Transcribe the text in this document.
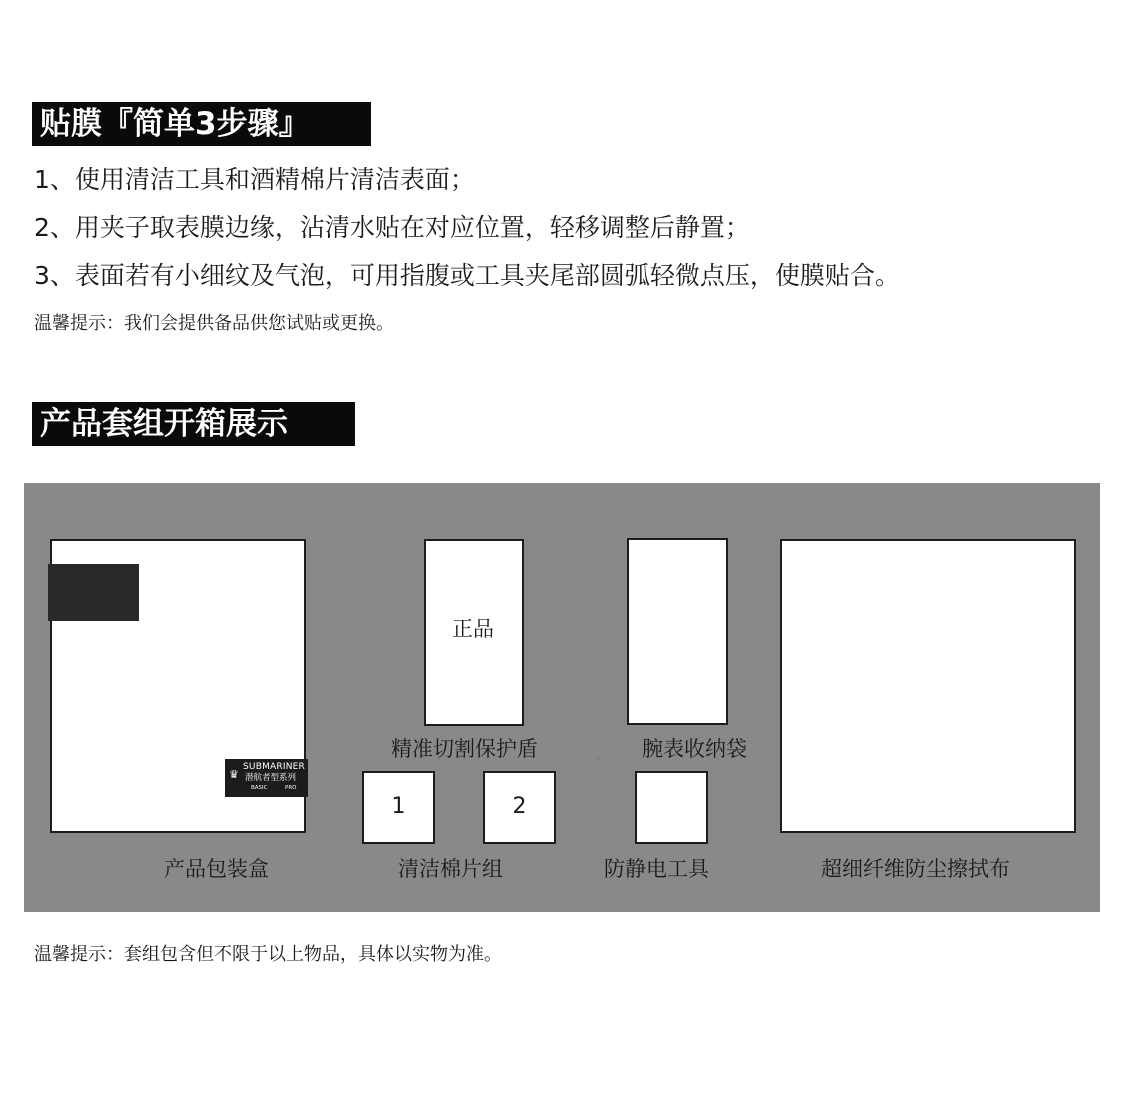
贴膜『简单3步骤』
1、使用清洁工具和酒精棉片清洁表面；
2、用夹子取表膜边缘，沾清水贴在对应位置，轻移调整后静置；
3、表面若有小细纹及气泡，可用指腹或工具夹尾部圆弧轻微点压，使膜贴合。
温馨提示：我们会提供备品供您试贴或更换。
产品套组开箱展示
♛
SUBMARINER
潜航者型系列
BASIC	PRO
正品
1	2
精准切割保护盾	腕表收纳袋
产品包装盒	清洁棉片组	防静电工具	超细纤维防尘擦拭布
温馨提示：套组包含但不限于以上物品，具体以实物为准。
